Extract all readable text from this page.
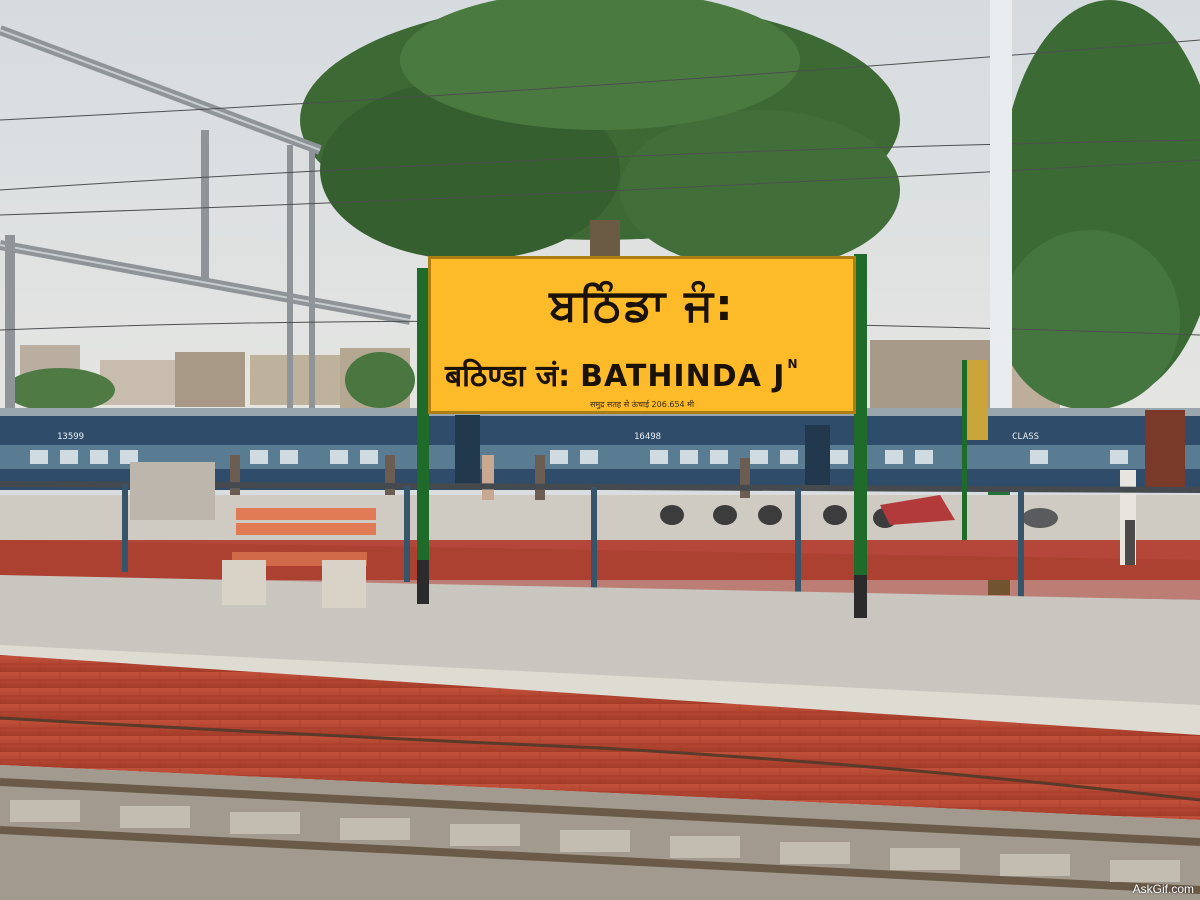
13599	16498	CLASS
ਬਠਿੰਡਾ ਜੰ:
बठिण्डा जं: BATHINDA J N
समुद्र सतह से ऊंचाई 206.654 मी
AskGif.com
